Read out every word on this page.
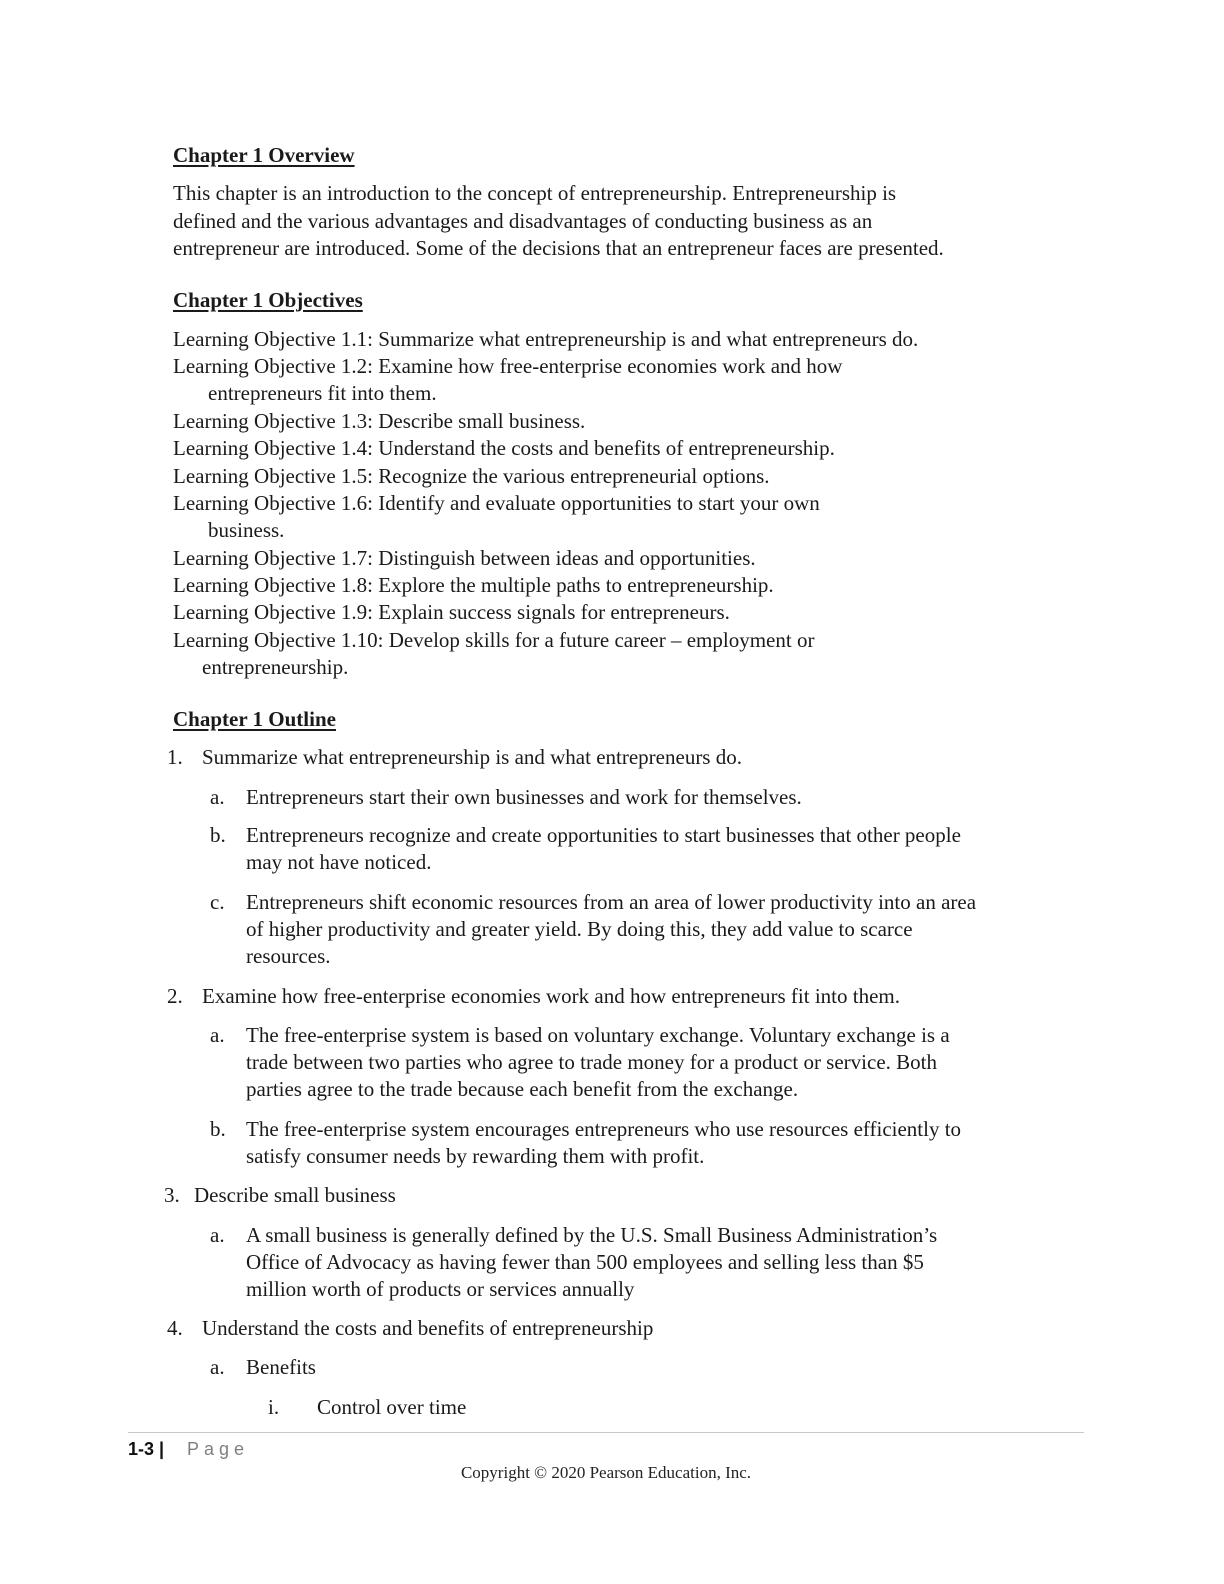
Chapter 1 Overview
This chapter is an introduction to the concept of entrepreneurship. Entrepreneurship is
defined and the various advantages and disadvantages of conducting business as an
entrepreneur are introduced. Some of the decisions that an entrepreneur faces are presented.
Chapter 1 Objectives
Learning Objective 1.1: Summarize what entrepreneurship is and what entrepreneurs do.
Learning Objective 1.2: Examine how free-enterprise economies work and how
entrepreneurs fit into them.
Learning Objective 1.3: Describe small business.
Learning Objective 1.4: Understand the costs and benefits of entrepreneurship.
Learning Objective 1.5: Recognize the various entrepreneurial options.
Learning Objective 1.6: Identify and evaluate opportunities to start your own
business.
Learning Objective 1.7: Distinguish between ideas and opportunities.
Learning Objective 1.8: Explore the multiple paths to entrepreneurship.
Learning Objective 1.9: Explain success signals for entrepreneurs.
Learning Objective 1.10: Develop skills for a future career – employment or
entrepreneurship.
Chapter 1 Outline
1. Summarize what entrepreneurship is and what entrepreneurs do.
a. Entrepreneurs start their own businesses and work for themselves.
b. Entrepreneurs recognize and create opportunities to start businesses that other people
may not have noticed.
c. Entrepreneurs shift economic resources from an area of lower productivity into an area
of higher productivity and greater yield. By doing this, they add value to scarce
resources.
2. Examine how free-enterprise economies work and how entrepreneurs fit into them.
a. The free-enterprise system is based on voluntary exchange. Voluntary exchange is a
trade between two parties who agree to trade money for a product or service. Both
parties agree to the trade because each benefit from the exchange.
b. The free-enterprise system encourages entrepreneurs who use resources efficiently to
satisfy consumer needs by rewarding them with profit.
3. Describe small business
a. A small business is generally defined by the U.S. Small Business Administration’s
Office of Advocacy as having fewer than 500 employees and selling less than $5
million worth of products or services annually
4. Understand the costs and benefits of entrepreneurship
a. Benefits
i. Control over time
1-3 | Page
Copyright © 2020 Pearson Education, Inc.
